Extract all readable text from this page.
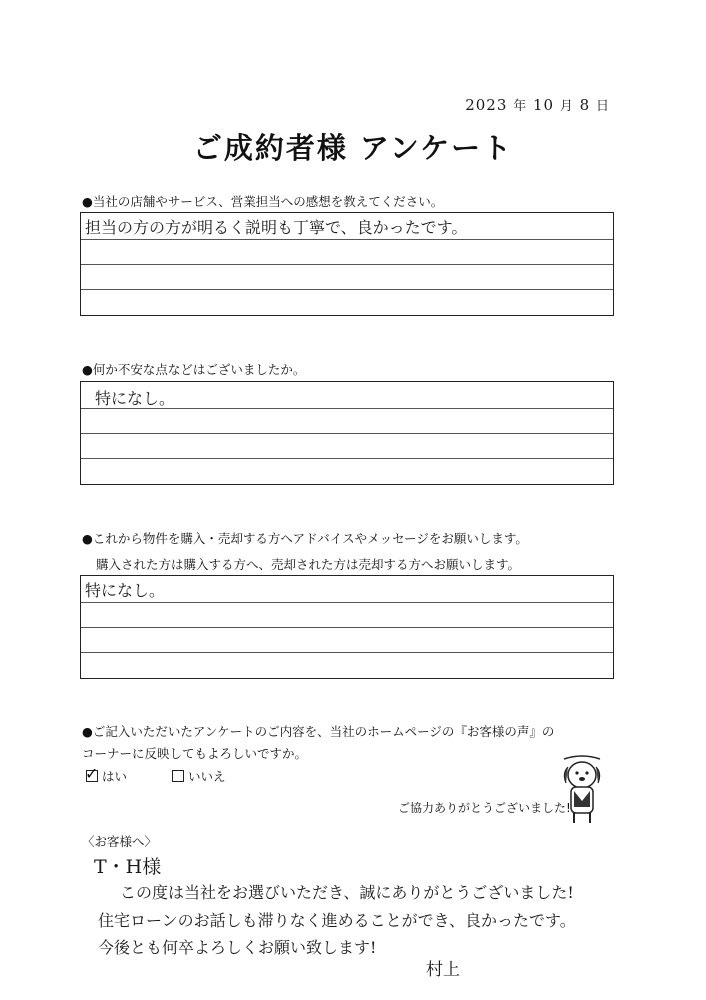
2023 年 10 月 8 日
ご成約者様 アンケート
●当社の店舗やサービス、営業担当への感想を教えてください。
担当の方の方が明るく説明も丁寧で、良かったです。
●何か不安な点などはございましたか。
特になし。
●これから物件を購入・売却する方へアドバイスやメッセージをお願いします。
購入された方は購入する方へ、売却された方は売却する方へお願いします。
特になし。
●ご記入いただいたアンケートのご内容を、当社のホームページの『お客様の声』の
コーナーに反映してもよろしいですか。
✓ はい	いいえ
ご協力ありがとうございました!
〈お客様へ〉
T・H様
この度は当社をお選びいただき、誠にありがとうございました!
住宅ローンのお話しも滞りなく進めることができ、良かったです。
今後とも何卒よろしくお願い致します!
村上
